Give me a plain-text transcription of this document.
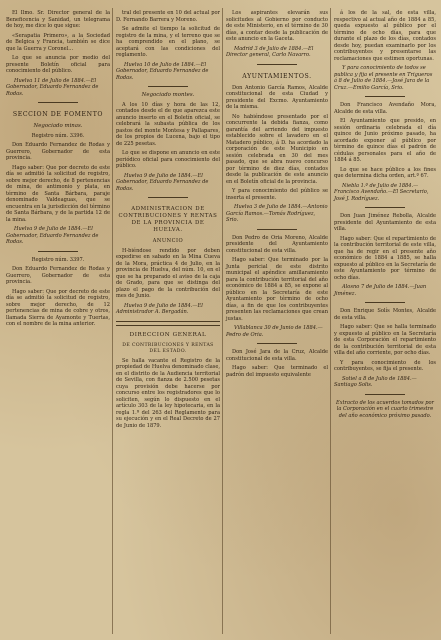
El Ilmo. Sr. Director general de la Beneficencia y Sanidad, un telegrama de hoy, me dice lo que sigue:

«Serapatia Primero», a la Sociedad de Belgica y Francia, también se dice que la Guerra y Coronel...

Lo que se anuncia por medio del presente Boletín oficial para conocimiento del público.

Huelva 11 de Julio de 1884.—El Gobernador, Eduardo Fernandez de Rodas.

SECCION DE FOMENTO

Negociado minas.

Registro núm. 3396.

Don Eduardo Fernandez de Rodas y Guerrero, Gobernador de esta provincia.

Hago saber: Que por decreto de este día se admitió la solicitud de registro, sobre mejor derecho, de 8 pertenencias de mina, de antimonio y plata, en término de Santa Bárbara, paraje denominado Valdeaguas, que se encuentra en la jurisdicción del término de Santa Bárbara, y de la partida 12 de la mina.

Huelva 9 de Julio de 1884.—El Gobernador, Eduardo Fernandez de Rodas.

Registro núm. 3397.

Don Eduardo Fernandez de Rodas y Guerrero, Gobernador de esta provincia.

Hago saber: Que por decreto de este día se admitió la solicitud de registro, sobre mejor derecho, de 12 pertenencias de mina de cobre y otros, llamada Sierra de Ayamonte y Tuertas, con el nombre de la mina anterior.

tral del presente en 10 del actual por D. Fernando Barrera y Moreno.

Se admite el tiempo la solicitud de registro de la mina, y el terreno que se ha comprendido en el plano, se aceptará con las condiciones del reglamento.

Huelva 10 de Julio de 1884.—El Gobernador, Eduardo Fernandez de Rodas.

Negociado montes.

A los 10 días y hora de las 12, contados desde el de que aparezca este anuncio inserto en el Boletín oficial, se celebrará la subasta pública de los pastos del monte Montesa y Pallapares, de los propios de Lucena, bajo el tipo de 225 pesetas.

Lo que se dispone en anuncio en este periódico oficial para conocimiento del público.

Huelva 9 de Julio de 1884.—El Gobernador, Eduardo Fernandez de Rodas.

ADMINISTRACION DE CONTRIBUCIONES Y RENTAS DE LA PROVINCIA DE HUELVA.

ANUNCIO

H-biéndose rendido por deben expedirse en sabado en la Mina Cueva de la Mora, práctica 4 de Julio, en la provincia de Huelva, del núm. 10, en el que se ha preparado el aviso de la caja de Grado, para que se distinga del plazo el pago de la contribución del mes de Junio.

Huelva 9 de Julio de 1884.—El Administrador A. Bergadán.

DIRECCION GENERAL

DE CONTRIBUCIONES Y RENTAS DEL ESTADO.

Se halla vacante el Registro de la propiedad de Huelva denominado clase, en el distrito de la Audiencia territorial de Sevilla, con fianza de 2.500 pesetas cuya provisión debe hacerse por concurso entre los registradores que lo soliciten, según lo dispuesto en el artículo 303 de la ley hipotecaria, en la regla 1.ª del 263 del Reglamento para su ejecución y en el Real Decreto de 27 de Junio de 1879.

Los aspirantes elevarán sus solicitudes al Gobierno por conducto de este Ministerio, en el término de 30 días, a contar desde la publicación de este anuncio en la Gaceta.

Madrid 3 de Julio de 1884.—El Director general, Carlo Navarro.

AYUNTAMIENTOS.

Don Antonio García Ramos, Alcalde constitucional de esta Ciudad y presidente del Excmo. Ayuntamiento de la misma.

No habiéndose presentado por el concurrente la debida fianza, como garantía del arriendo del impuesto establecido sobre el lavadero en el Matadero público, á D. ha acordado la corporación de este Municipio en sesión celebrada en 30 del mes pasado, que se abra nuevo concurso por término de diez días, contados desde la publicación de este anuncio en el Boletín oficial de la provincia.

Y para conocimiento del público se inserta el presente.

Huelva 3 de Julio de 1884.—Antonio García Ramos.—Tomás Rodríguez, Srio.

Don Pedro de Oria Moreno, Alcalde presidente del Ayuntamiento constitucional de esta villa.

Hago saber: Que terminado por la Junta pericial de este distrito municipal el apéndice amillaramiento para la contribución territorial del año económico de 1884 a 85, se expone al público en la Secretaría de este Ayuntamiento por término de ocho días, a fin de que los contribuyentes presenten las reclamaciones que crean justas.

Villablanca 30 de Junio de 1884.—Pedro de Oria.

Don José Jara de la Cruz, Alcalde constitucional de esta villa.

Hago saber: Que terminado el padrón del impuesto equivalente

á los de la sal, de esta villa, respectivo al actual año de 1884 a 85, queda expuesto al público por el término de ocho días, para que durante el plazo de los días, contados desde hoy, puedan examinarlo por los contribuyentes y presentarse las reclamaciones que estimen oportunas.

Y para conocimiento de todos se publica y fija el presente en Trigueros á 8 de Julio de 1884.—José Jara de la Cruz.—Emilio García, Srio.

Don Francisco Avendaño Mora, Alcalde de esta villa.

El Ayuntamiento que presido, en sesión ordinaria celebrada el día quince de Junio próximo pasado, ha acordado exponer al público por término de quince días el padrón de cédulas personales para el año de 1884 á 85.

Lo que se hace público a los fines que determina dicha orden, art.º 67.

Niebla 1.º de Julio de 1884.—Francisco Avendaño.—El Secretario, José J. Rodríguez.

Don Juan Jiménez Rebolla, Alcalde presidente del Ayuntamiento de esta villa.

Hago saber: Que el repartimiento de la contribución territorial de este villa, que ha de regir en el presente año económico de 1884 a 1885, se halla expuesto al público en la Secretaría de este Ayuntamiento por término de ocho días.

Alosno 7 de Julio de 1884.—Juan Jiménez.

Don Enrique Solís Montes, Alcalde de esta villa.

Hago saber: Que se halla terminado y expuesto al público en la Secretaría de esta Corporación el repartimiento de la contribución territorial de esta villa del año corriente, por ocho días.

Y para conocimiento de los contribuyentes, se fija el presente.

Sotiel a 8 de Julio de 1884.—Santiago Solis.

Extracto de los acuerdos tomados por la Corporación en el cuarto trimestre del año económico próximo pasado.
